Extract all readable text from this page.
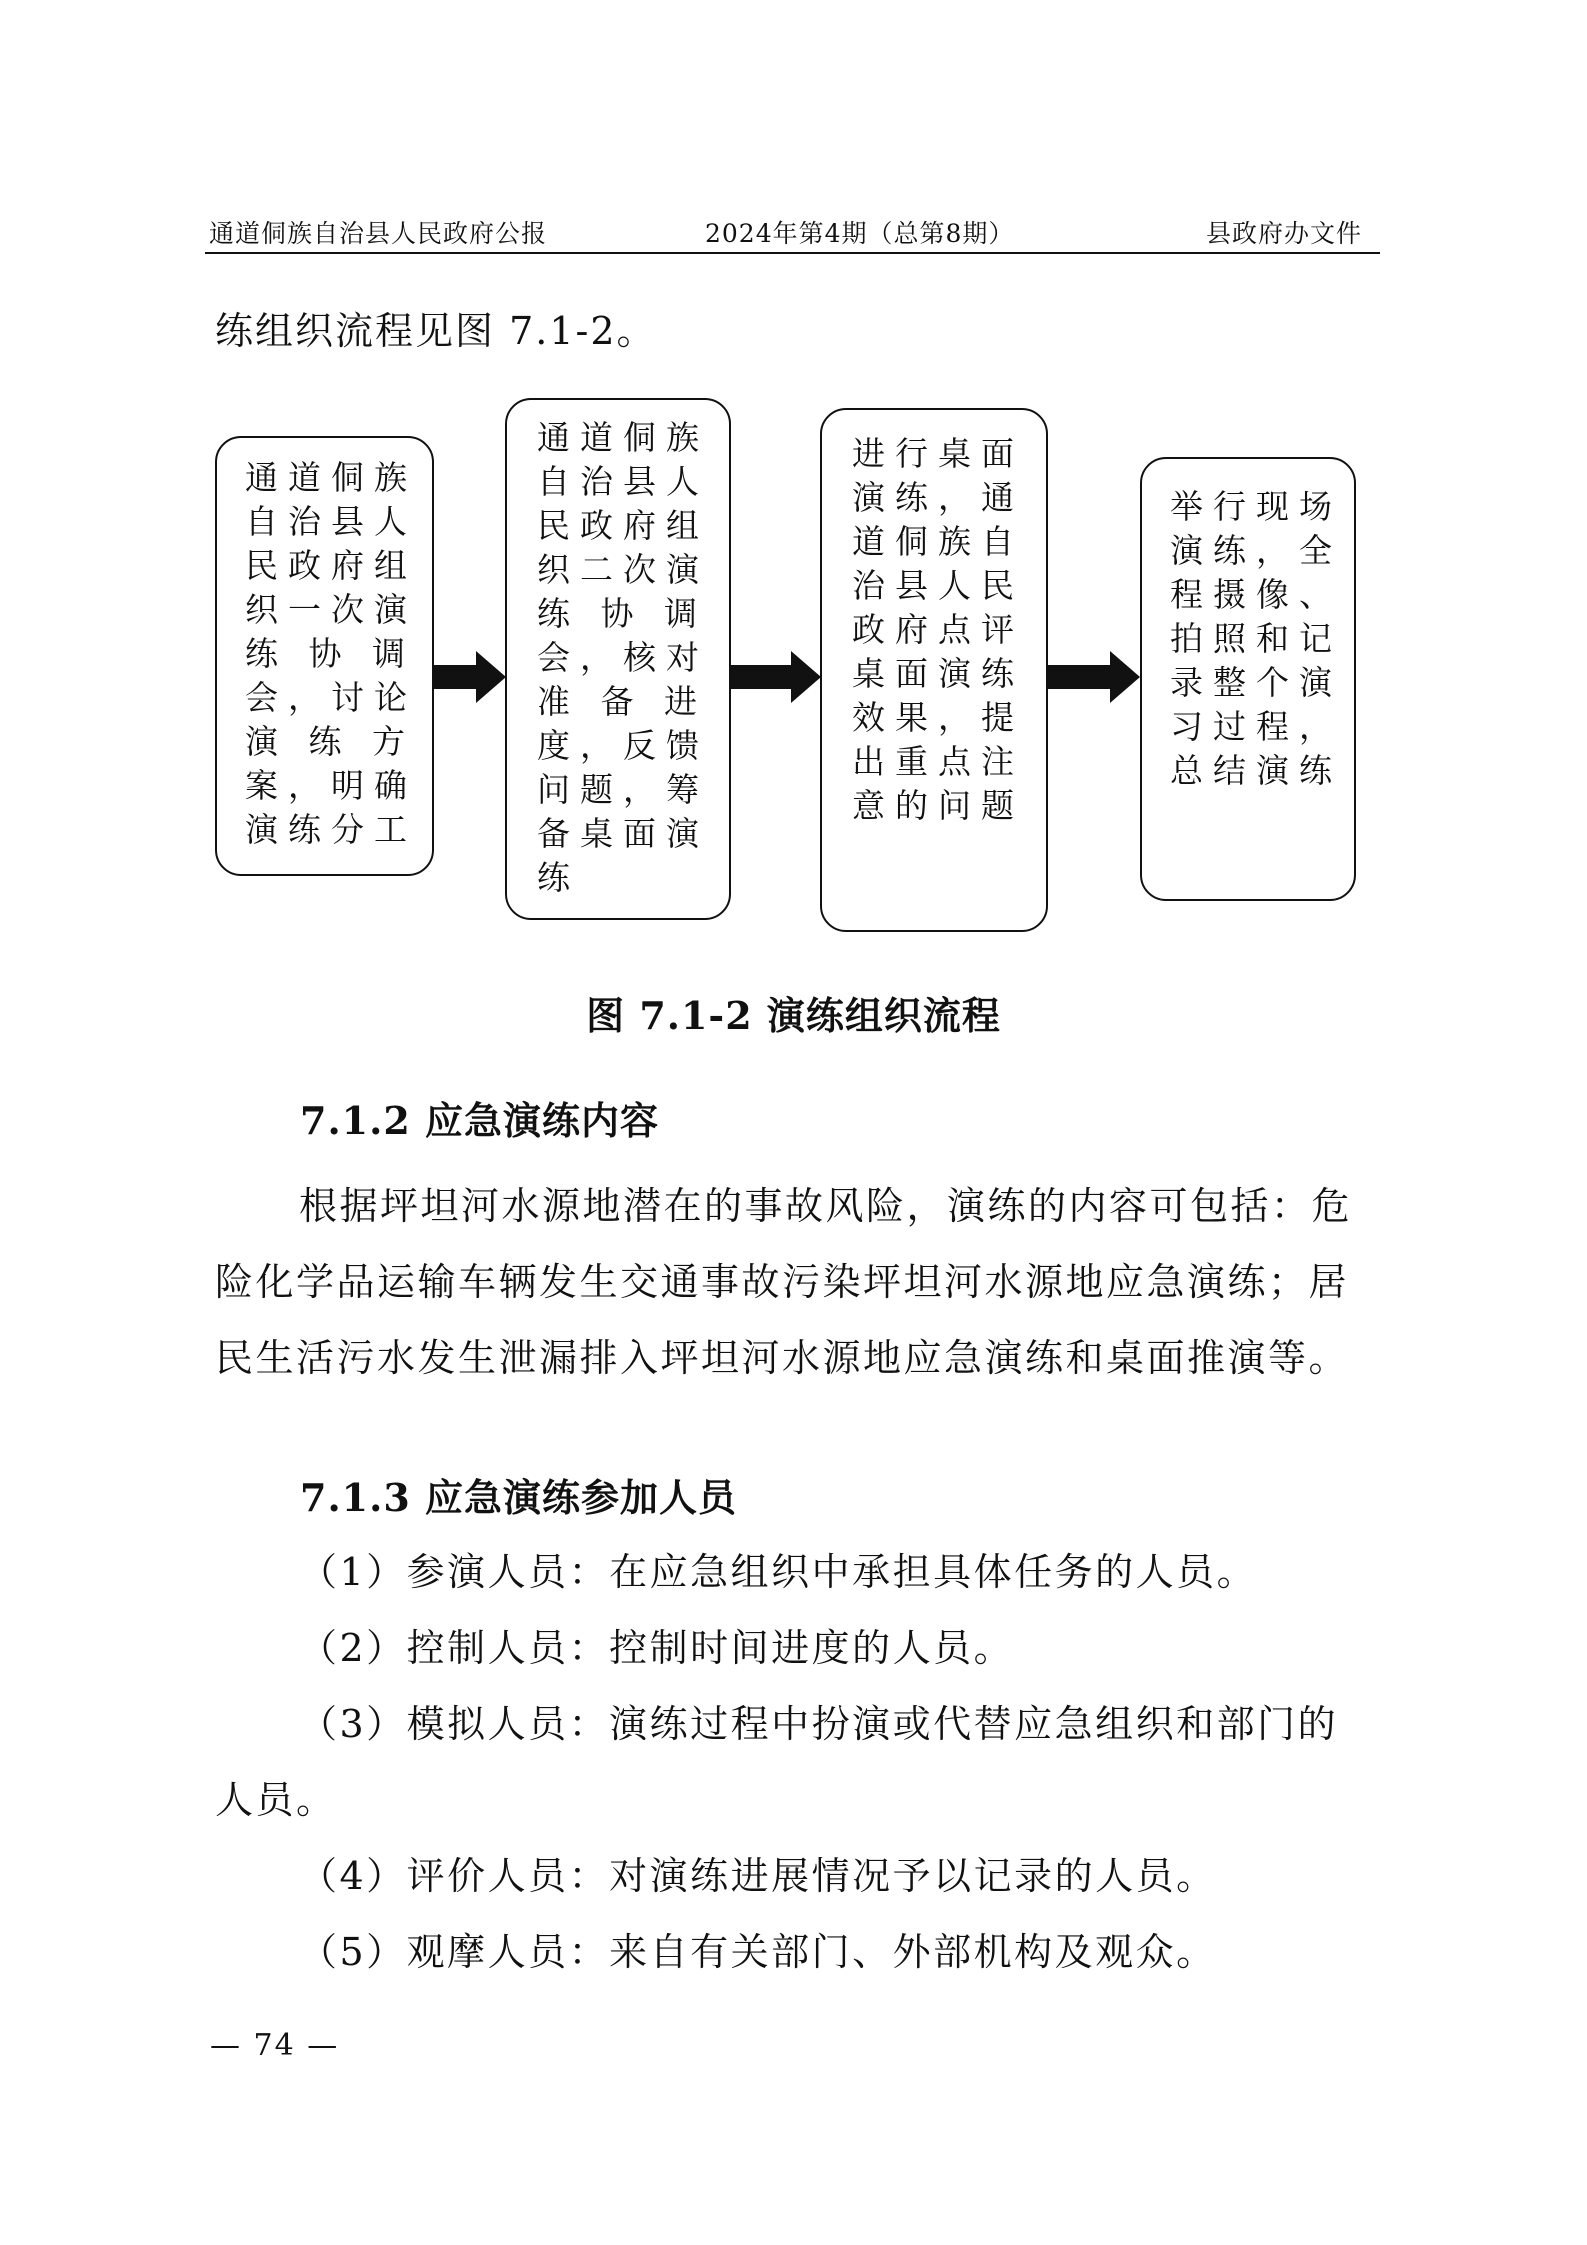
通道侗族自治县人民政府公报	2024年第4期（总第8期）	县政府办文件
练组织流程见图 7.1-2。
通道侗族
自治县人
民政府组
织一次演
练 协 调
会，讨论
演 练 方
案，明确
演练分工
通道侗族
自治县人
民政府组
织二次演
练 协 调
会，核对
准 备 进
度，反馈
问题，筹
备桌面演
练
进行桌面
演练，通
道侗族自
治县人民
政府点评
桌面演练
效果，提
出重点注
意的问题
举行现场
演练，全
程摄像、
拍照和记
录整个演
习过程，
总结演练
图 7.1-2 演练组织流程
7.1.2 应急演练内容

根据坪坦河水源地潜在的事故风险，演练的内容可包括：危险化学品运输车辆发生交通事故污染坪坦河水源地应急演练；居民生活污水发生泄漏排入坪坦河水源地应急演练和桌面推演等。

7.1.3 应急演练参加人员

（1）参演人员：在应急组织中承担具体任务的人员。

（2）控制人员：控制时间进度的人员。

（3）模拟人员：演练过程中扮演或代替应急组织和部门的人员。

（4）评价人员：对演练进展情况予以记录的人员。

（5）观摩人员：来自有关部门、外部机构及观众。

— 74 —
